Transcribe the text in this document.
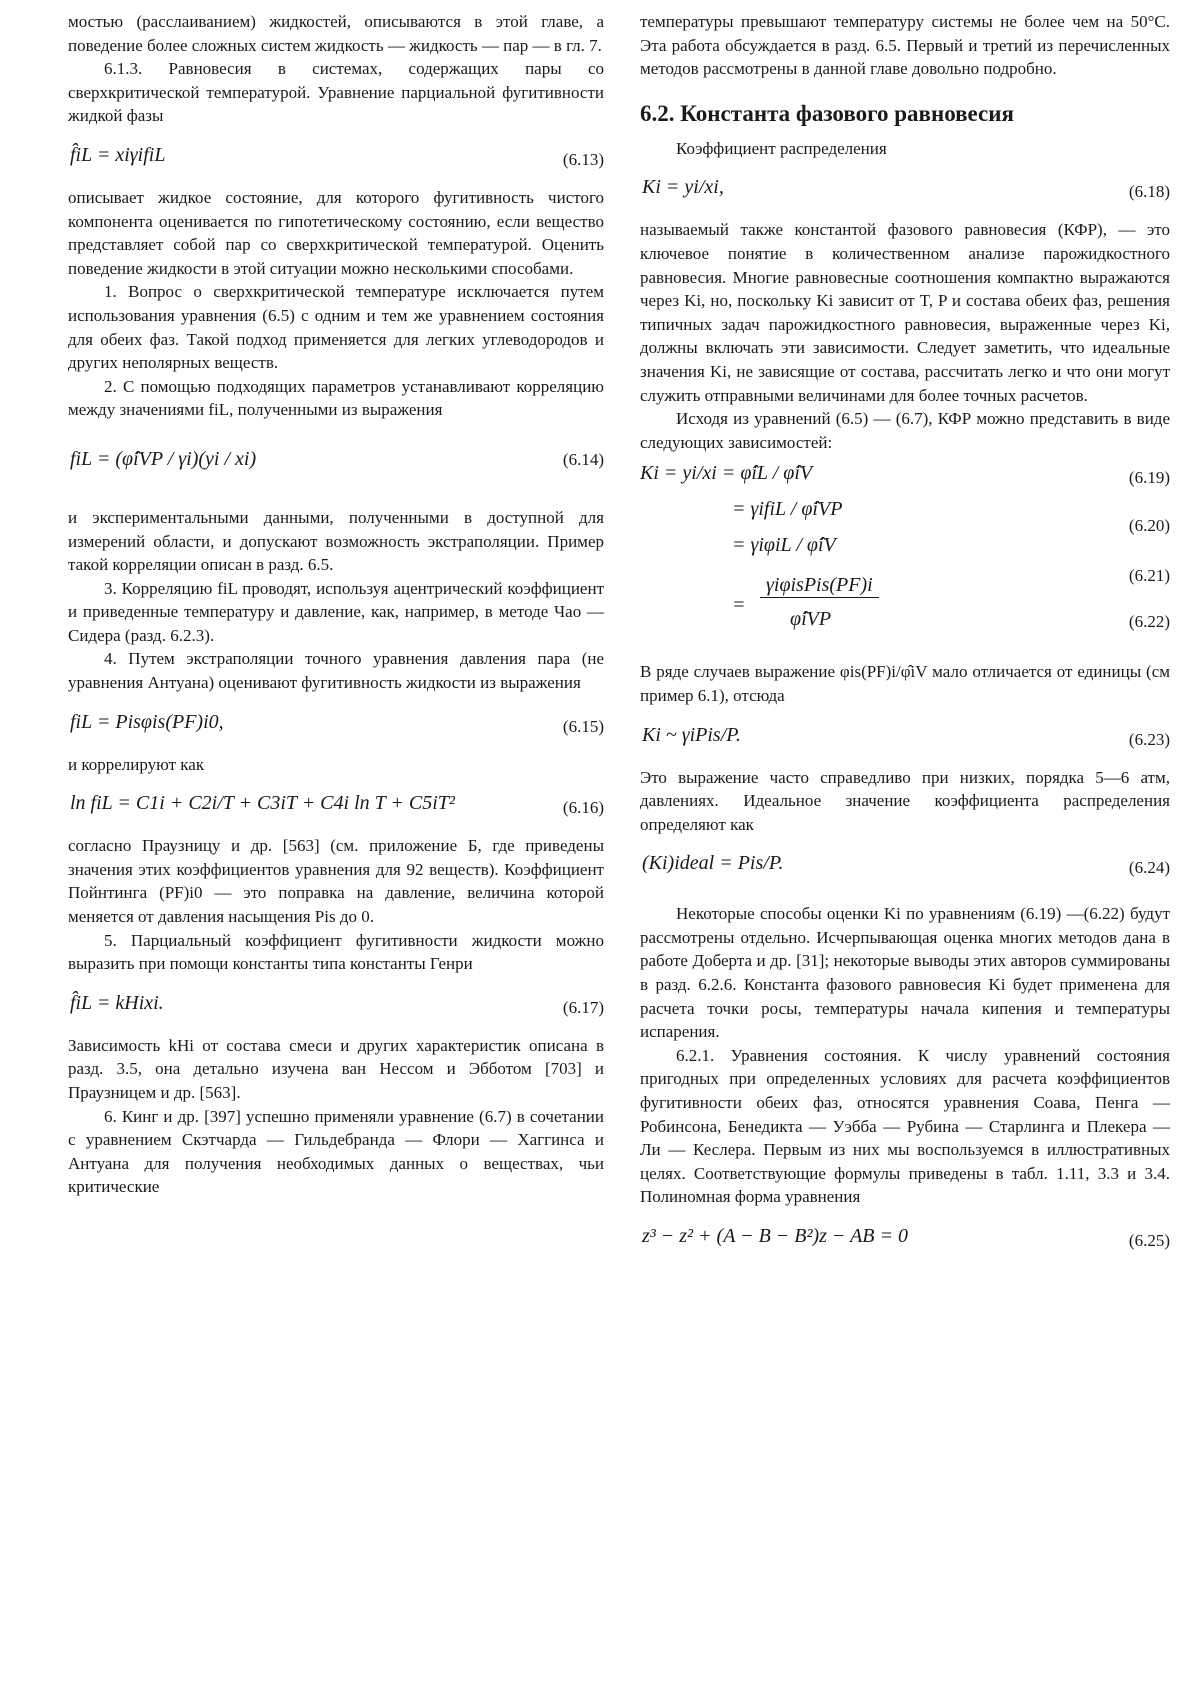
мостью (расслаиванием) жидкостей, описываются в этой главе, а поведение более сложных систем жидкость — жидкость — пар — в гл. 7.

6.1.3. Равновесия в системах, содержащих пары со сверхкритической температурой. Уравнение парциальной фугитивности жидкой фазы

f̂iL = xiγifiL	(6.13)

описывает жидкое состояние, для которого фугитивность чистого компонента оценивается по гипотетическому состоянию, если вещество представляет собой пар со сверхкритической температурой. Оценить поведение жидкости в этой ситуации можно несколькими способами.

1. Вопрос о сверхкритической температуре исключается путем использования уравнения (6.5) с одним и тем же уравнением состояния для обеих фаз. Такой подход применяется для легких углеводородов и других неполярных веществ.

2. С помощью подходящих параметров устанавливают корреляцию между значениями fiL, полученными из выражения

fiL = (φ̂iVP / γi)(yi / xi)	(6.14)

и экспериментальными данными, полученными в доступной для измерений области, и допускают возможность экстраполяции. Пример такой корреляции описан в разд. 6.5.

3. Корреляцию fiL проводят, используя ацентрический коэффициент и приведенные температуру и давление, как, например, в методе Чао — Сидера (разд. 6.2.3).

4. Путем экстраполяции точного уравнения давления пара (не уравнения Антуана) оценивают фугитивность жидкости из выражения

fiL = Pisφis(PF)i0,	(6.15)

и коррелируют как

ln fiL = C1i + C2i/T + C3iT + C4i ln T + C5iT²	(6.16)

согласно Праузницу и др. [563] (см. приложение Б, где приведены значения этих коэффициентов уравнения для 92 веществ). Коэффициент Пойнтинга (PF)i0 — это поправка на давление, величина которой меняется от давления насыщения Pis до 0.

5. Парциальный коэффициент фугитивности жидкости можно выразить при помощи константы типа константы Генри

f̂iL = kHixi.	(6.17)

Зависимость kHi от состава смеси и других характеристик описана в разд. 3.5, она детально изучена ван Нессом и Эбботом [703] и Праузницем и др. [563].

6. Кинг и др. [397] успешно применяли уравнение (6.7) в сочетании с уравнением Скэтчарда — Гильдебранда — Флори — Хаггинса и Антуана для получения необходимых данных о веществах, чьи критические

температуры превышают температуру системы не более чем на 50°С. Эта работа обсуждается в разд. 6.5. Первый и третий из перечисленных методов рассмотрены в данной главе довольно подробно.

6.2. Константа фазового равновесия

Коэффициент распределения

Ki = yi/xi,	(6.18)

называемый также константой фазового равновесия (КФР), — это ключевое понятие в количественном анализе парожидкостного равновесия. Многие равновесные соотношения компактно выражаются через Ki, но, поскольку Ki зависит от T, P и состава обеих фаз, решения типичных задач парожидкостного равновесия, выраженные через Ki, должны включать эти зависимости. Следует заметить, что идеальные значения Ki, не зависящие от состава, рассчитать легко и что они могут служить отправными величинами для более точных расчетов.

Исходя из уравнений (6.5) — (6.7), КФР можно представить в виде следующих зависимостей:

Ki = yi/xi = φ̂iL / φ̂iV	(6.19)
= γifiL / φ̂iVP
(6.20)
= γiφiL / φ̂iV
(6.21)
=
γiφisPis(PF)i
φ̂iVP	(6.22)

В ряде случаев выражение φis(PF)i/φ̂iV мало отличается от единицы (см пример 6.1), отсюда

Ki ~ γiPis/P.	(6.23)

Это выражение часто справедливо при низких, порядка 5—6 атм, давлениях. Идеальное значение коэффициента распределения определяют как

(Ki)ideal = Pis/P.	(6.24)

Некоторые способы оценки Ki по уравнениям (6.19) —(6.22) будут рассмотрены отдельно. Исчерпывающая оценка многих методов дана в работе Доберта и др. [31]; некоторые выводы этих авторов суммированы в разд. 6.2.6. Константа фазового равновесия Ki будет применена для расчета точки росы, температуры начала кипения и температуры испарения.

6.2.1. Уравнения состояния. К числу уравнений состояния пригодных при определенных условиях для расчета коэффициентов фугитивности обеих фаз, относятся уравнения Соава, Пенга — Робинсона, Бенедикта — Уэбба — Рубина — Старлинга и Плекера — Ли — Кеслера. Первым из них мы воспользуемся в иллюстративных целях. Соответствующие формулы приведены в табл. 1.11, 3.3 и 3.4. Полиномная форма уравнения

z³ − z² + (A − B − B²)z − AB = 0	(6.25)
